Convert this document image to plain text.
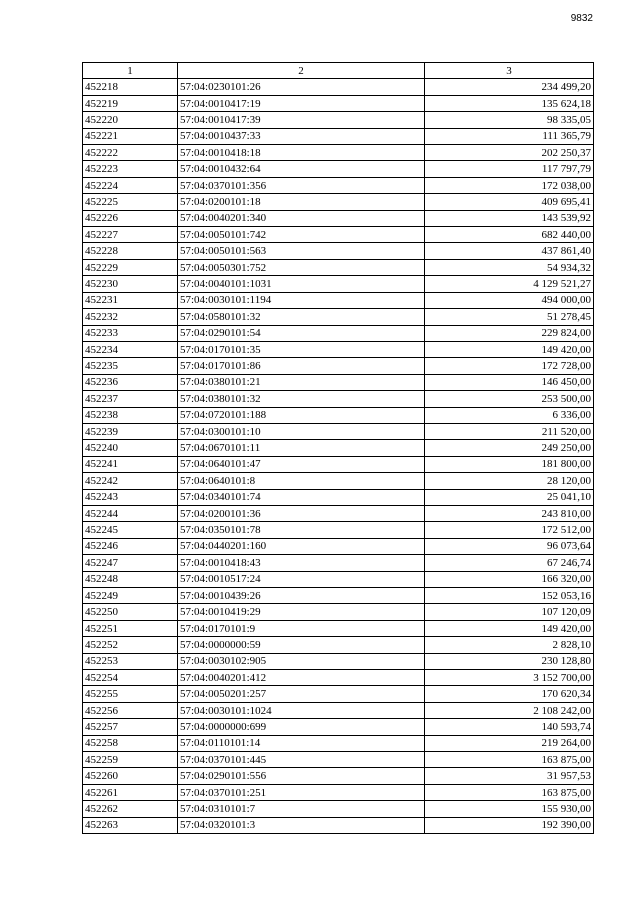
9832
1	2	3
452218	57:04:0230101:26	234 499,20
452219	57:04:0010417:19	135 624,18
452220	57:04:0010417:39	98 335,05
452221	57:04:0010437:33	111 365,79
452222	57:04:0010418:18	202 250,37
452223	57:04:0010432:64	117 797,79
452224	57:04:0370101:356	172 038,00
452225	57:04:0200101:18	409 695,41
452226	57:04:0040201:340	143 539,92
452227	57:04:0050101:742	682 440,00
452228	57:04:0050101:563	437 861,40
452229	57:04:0050301:752	54 934,32
452230	57:04:0040101:1031	4 129 521,27
452231	57:04:0030101:1194	494 000,00
452232	57:04:0580101:32	51 278,45
452233	57:04:0290101:54	229 824,00
452234	57:04:0170101:35	149 420,00
452235	57:04:0170101:86	172 728,00
452236	57:04:0380101:21	146 450,00
452237	57:04:0380101:32	253 500,00
452238	57:04:0720101:188	6 336,00
452239	57:04:0300101:10	211 520,00
452240	57:04:0670101:11	249 250,00
452241	57:04:0640101:47	181 800,00
452242	57:04:0640101:8	28 120,00
452243	57:04:0340101:74	25 041,10
452244	57:04:0200101:36	243 810,00
452245	57:04:0350101:78	172 512,00
452246	57:04:0440201:160	96 073,64
452247	57:04:0010418:43	67 246,74
452248	57:04:0010517:24	166 320,00
452249	57:04:0010439:26	152 053,16
452250	57:04:0010419:29	107 120,09
452251	57:04:0170101:9	149 420,00
452252	57:04:0000000:59	2 828,10
452253	57:04:0030102:905	230 128,80
452254	57:04:0040201:412	3 152 700,00
452255	57:04:0050201:257	170 620,34
452256	57:04:0030101:1024	2 108 242,00
452257	57:04:0000000:699	140 593,74
452258	57:04:0110101:14	219 264,00
452259	57:04:0370101:445	163 875,00
452260	57:04:0290101:556	31 957,53
452261	57:04:0370101:251	163 875,00
452262	57:04:0310101:7	155 930,00
452263	57:04:0320101:3	192 390,00
